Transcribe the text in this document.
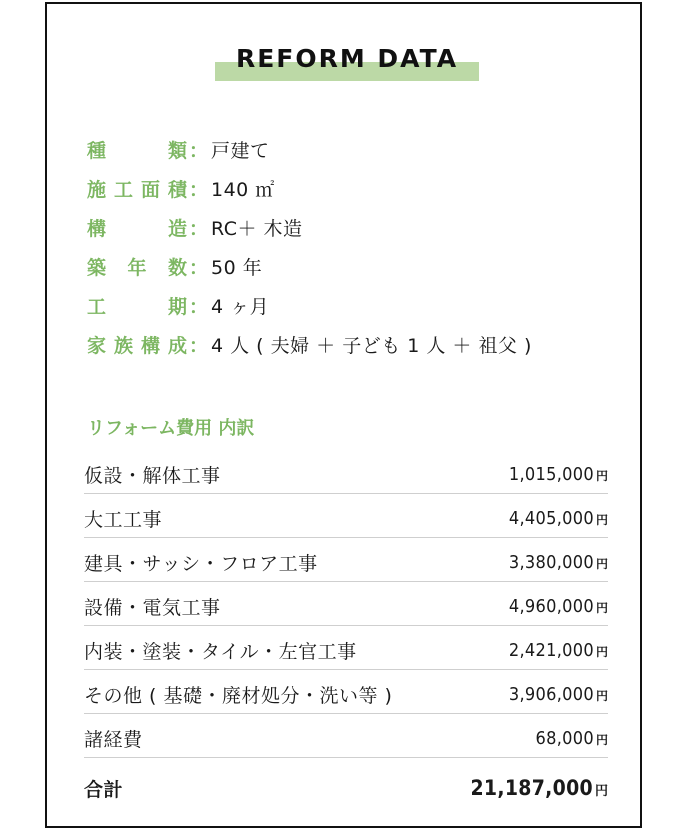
REFORM DATA
種	類 ： 戸建て
施 工 面 積 ： 140 ㎡
構	造 ： RC＋ 木造
築 年 数 ： 50 年
工	期 ： 4 ヶ月
家 族 構 成 ： 4 人 ( 夫婦 ＋ 子ども 1 人 ＋ 祖父 )
リフォーム費用 内訳
仮設・解体工事	1,015,000 円
大工工事	4,405,000 円
建具・サッシ・フロア工事	3,380,000 円
設備・電気工事	4,960,000 円
内装・塗装・タイル・左官工事	2,421,000 円
その他 ( 基礎・廃材処分・洗い等 )	3,906,000 円
諸経費	68,000 円
合計	21,187,000 円
